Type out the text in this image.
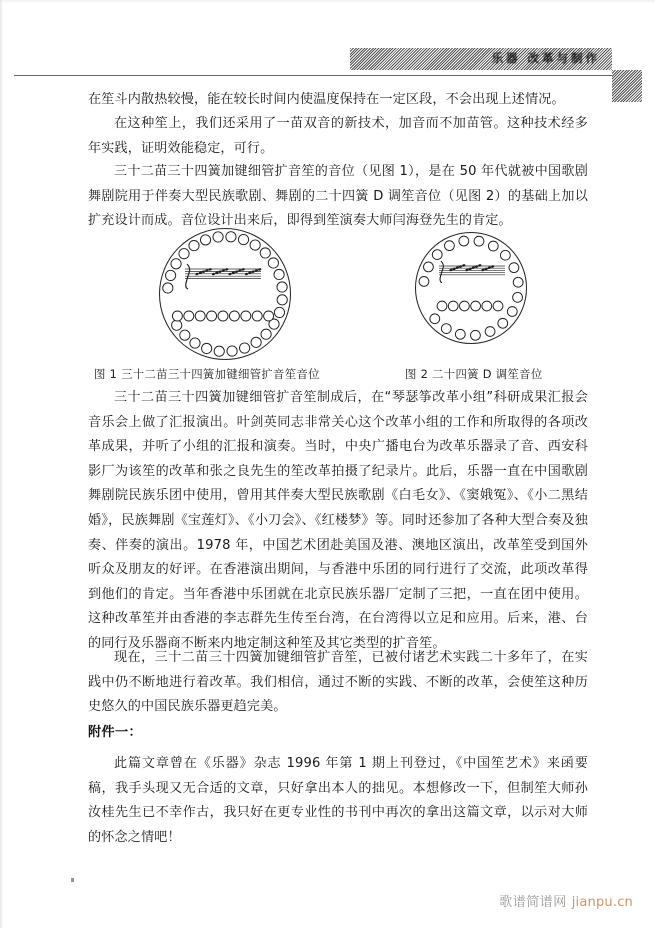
乐器 改革与制作
在笙斗内散热较慢，能在较长时间内使温度保持在一定区段，不会出现上述情况。
在这种笙上，我们还采用了一苗双音的新技术，加音而不加苗管。这种技术经多年实践，证明效能稳定，可行。
三十二苗三十四簧加键细管扩音笙的音位（见图 1），是在 50 年代就被中国歌剧舞剧院用于伴奏大型民族歌剧、舞剧的二十四簧 D 调笙音位（见图 2）的基础上加以扩充设计而成。音位设计出来后，即得到笙演奏大师闫海登先生的肯定。
图 1 三十二苗三十四簧加键细管扩音笙音位	图 2 二十四簧 D 调笙音位
三十二苗三十四簧加键细管扩音笙制成后，在“琴瑟筝改革小组”科研成果汇报会音乐会上做了汇报演出。叶剑英同志非常关心这个改革小组的工作和所取得的各项改革成果，并听了小组的汇报和演奏。当时，中央广播电台为改革乐器录了音、西安科影厂为该笙的改革和张之良先生的笙改革拍摄了纪录片。此后，乐器一直在中国歌剧舞剧院民族乐团中使用，曾用其伴奏大型民族歌剧《白毛女》、《窦娥冤》、《小二黑结婚》，民族舞剧《宝莲灯》、《小刀会》、《红楼梦》等。同时还参加了各种大型合奏及独奏、伴奏的演出。1978 年，中国艺术团赴美国及港、澳地区演出，改革笙受到国外听众及朋友的好评。在香港演出期间，与香港中乐团的同行进行了交流，此项改革得到他们的肯定。当年香港中乐团就在北京民族乐器厂定制了三把，一直在团中使用。这种改革笙并由香港的李志群先生传至台湾，在台湾得以立足和应用。后来，港、台的同行及乐器商不断来内地定制这种笙及其它类型的扩音笙。
现在，三十二苗三十四簧加键细管扩音笙，已被付诸艺术实践二十多年了，在实践中仍不断地进行着改革。我们相信，通过不断的实践、不断的改革，会使笙这种历史悠久的中国民族乐器更趋完美。
附件一：
此篇文章曾在《乐器》杂志 1996 年第 1 期上刊登过，《中国笙艺术》来函要稿，我手头现又无合适的文章，只好拿出本人的拙见。本想修改一下，但制笙大师孙汝桂先生已不幸作古，我只好在更专业性的书刊中再次的拿出这篇文章，以示对大师的怀念之情吧！
歌谱简谱网 jianpu.cn
